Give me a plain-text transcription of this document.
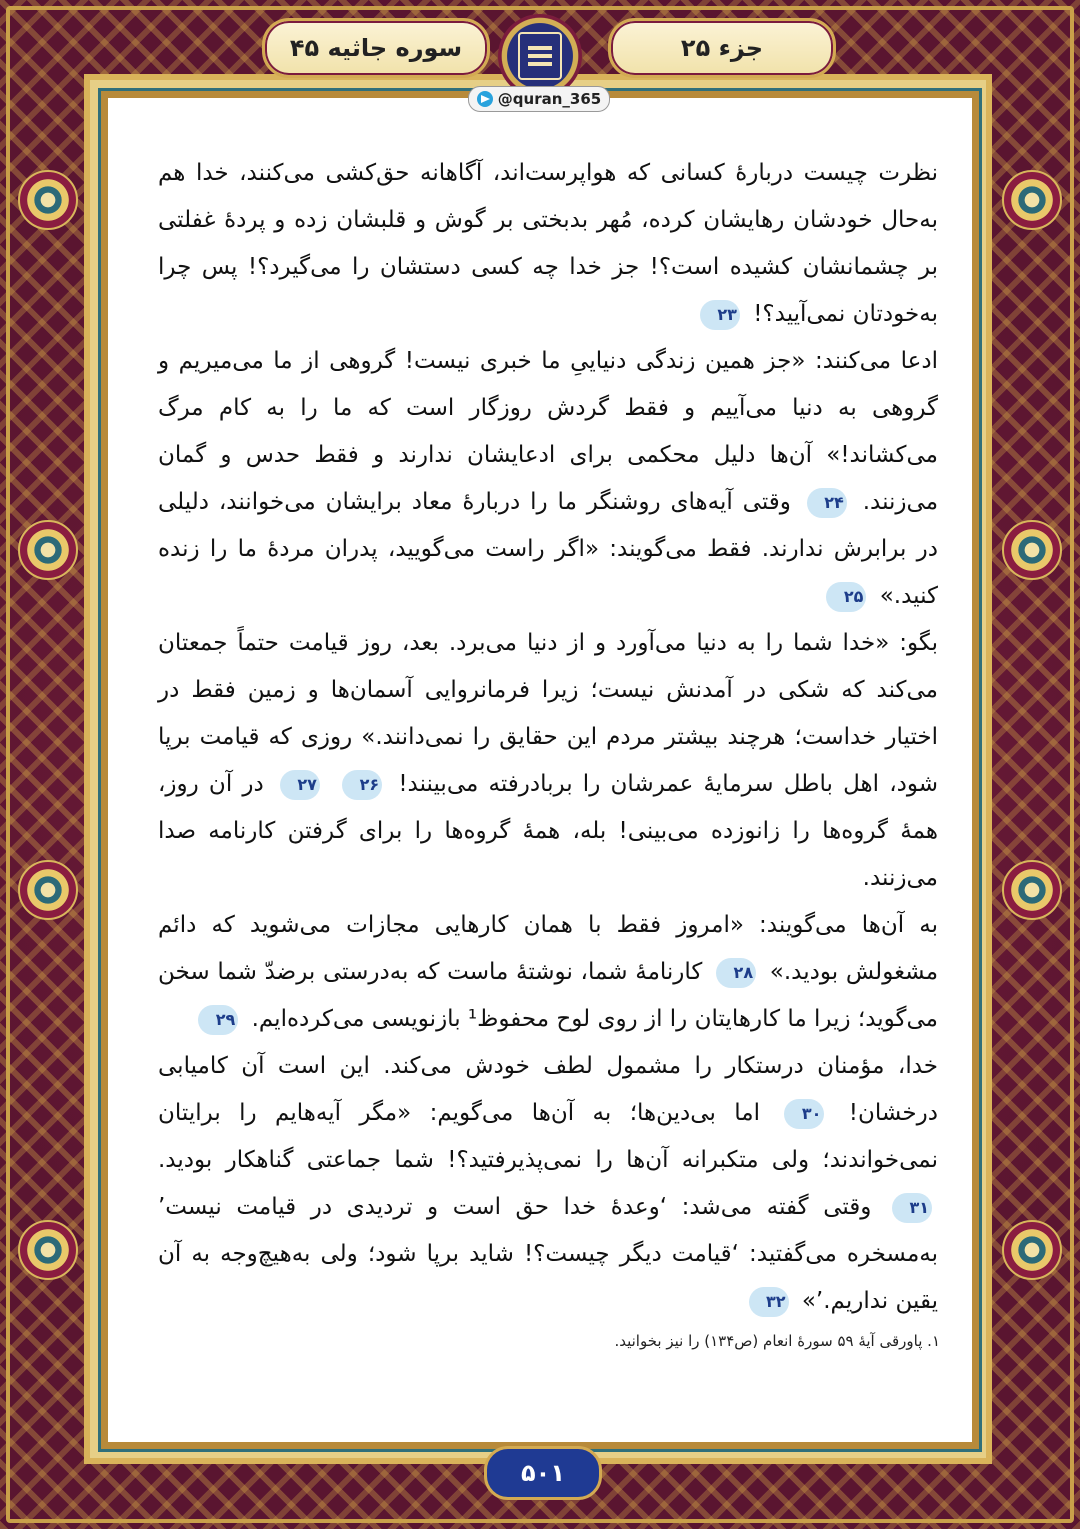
سوره جاثیه ۴۵	جزء ۲۵
@quran_365

نظرت چیست دربارهٔ کسانی که هواپرست‌اند، آگاهانه حق‌کشی می‌کنند، خدا هم به‌حال خودشان رهایشان کرده، مُهر بدبختی بر گوش و قلبشان زده و پردهٔ غفلتی بر چشمانشان کشیده است؟! جز خدا چه کسی دستشان را می‌گیرد؟! پس چرا به‌خودتان نمی‌آیید؟! ۲۳

ادعا می‌کنند: «جز همین زندگی دنیاییِ ما خبری نیست! گروهی از ما می‌میریم و گروهی به دنیا می‌آییم و فقط گردش روزگار است که ما را به کام مرگ می‌کشاند!» آن‌ها دلیل محکمی برای ادعایشان ندارند و فقط حدس و گمان می‌زنند. ۲۴ وقتی آیه‌های روشنگر ما را دربارهٔ معاد برایشان می‌خوانند، دلیلی در برابرش ندارند. فقط می‌گویند: «اگر راست می‌گویید، پدران مردهٔ ما را زنده کنید.» ۲۵

بگو: «خدا شما را به دنیا می‌آورد و از دنیا می‌برد. بعد، روز قیامت حتماً جمعتان می‌کند که شکی در آمدنش نیست؛ زیرا فرمانروایی آسمان‌ها و زمین فقط در اختیار خداست؛ هرچند بیشتر مردم این حقایق را نمی‌دانند.» روزی که قیامت برپا شود، اهل باطل سرمایهٔ عمرشان را بربادرفته می‌بینند! ۲۶ ۲۷ در آن روز، همهٔ گروه‌ها را زانوزده می‌بینی! بله، همهٔ گروه‌ها را برای گرفتن کارنامه صدا می‌زنند.

به آن‌ها می‌گویند: «امروز فقط با همان کارهایی مجازات می‌شوید که دائم مشغولش بودید.» ۲۸ کارنامهٔ شما، نوشتهٔ ماست که به‌درستی برضدّ شما سخن می‌گوید؛ زیرا ما کارهایتان را از روی لوح محفوظ¹ بازنویسی می‌کرده‌ایم. ۲۹

خدا، مؤمنان درستکار را مشمول لطف خودش می‌کند. این است آن کامیابی درخشان! ۳۰ اما بی‌دین‌ها؛ به آن‌ها می‌گویم: «مگر آیه‌هایم را برایتان نمی‌خواندند؛ ولی متکبرانه آن‌ها را نمی‌پذیرفتید؟! شما جماعتی گناهکار بودید. ۳۱ وقتی گفته می‌شد: ‘وعدهٔ خدا حق است و تردیدی در قیامت نیست’ به‌مسخره می‌گفتید: ‘قیامت دیگر چیست؟! شاید برپا شود؛ ولی به‌هیچ‌وجه به آن یقین نداریم.’» ۳۲

۱. پاورقی آیهٔ ۵۹ سورهٔ انعام (ص۱۳۴) را نیز بخوانید.
۵۰۱
